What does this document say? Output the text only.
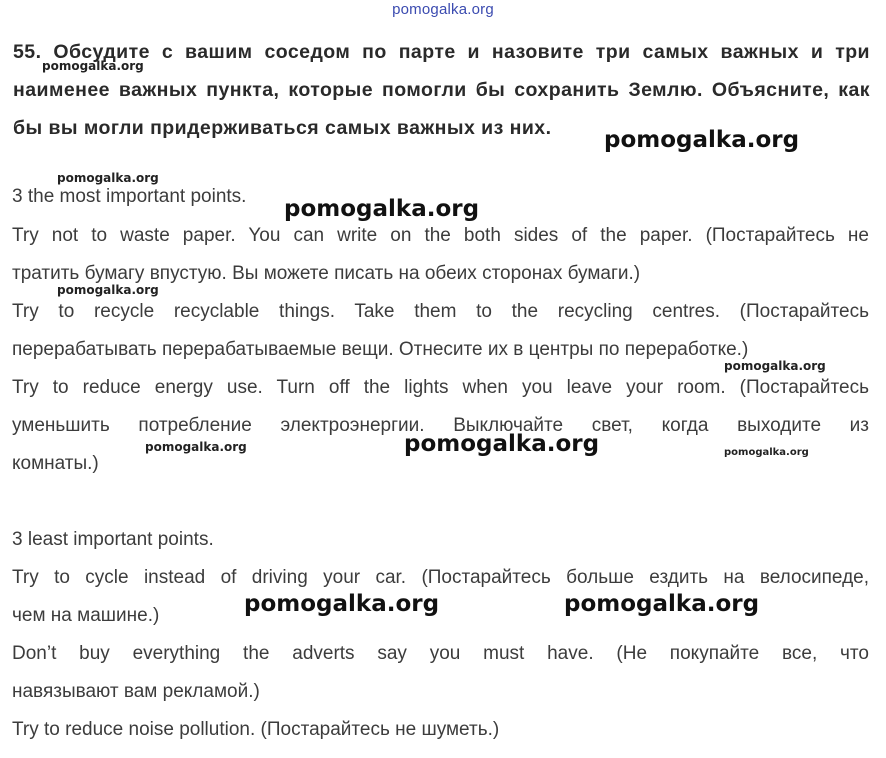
pomogalka.org
55. Обсудите с вашим соседом по парте и назовите три самых важных и три наименее важных пункта, которые помогли бы сохранить Землю. Объясните, как бы вы могли придерживаться самых важных из них.
3 the most important points.
Try not to waste paper. You can write on the both sides of the paper. (Постарайтесь не
тратить бумагу впустую. Вы можете писать на обеих сторонах бумаги.)
Try to recycle recyclable things. Take them to the recycling centres. (Постарайтесь
перерабатывать перерабатываемые вещи. Отнесите их в центры по переработке.)
Try to reduce energy use. Turn off the lights when you leave your room. (Постарайтесь
уменьшить потребление электроэнергии. Выключайте свет, когда выходите из
комнаты.)
3 least important points.
Try to cycle instead of driving your car. (Постарайтесь больше ездить на велосипеде,
чем на машине.)
Don’t buy everything the adverts say you must have. (Не покупайте все, что
навязывают вам рекламой.)
Try to reduce noise pollution. (Постарайтесь не шуметь.)
pomogalka.org
pomogalka.org
pomogalka.org
pomogalka.org
pomogalka.org
pomogalka.org
pomogalka.org	pomogalka.org	pomogalka.org
pomogalka.org	pomogalka.org
